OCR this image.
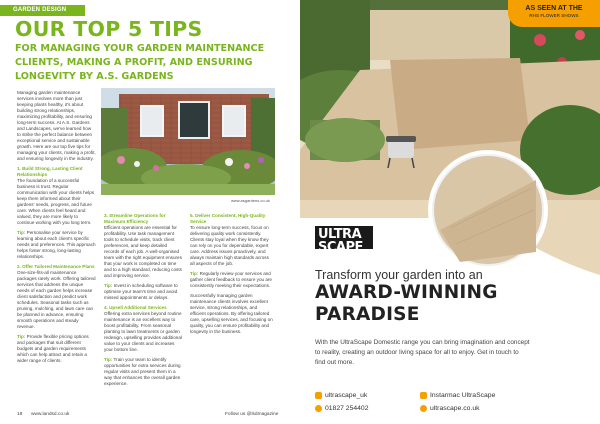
GARDEN DESIGN
OUR TOP 5 TIPS
FOR MANAGING YOUR GARDEN MAINTENANCE CLIENTS, MAKING A PROFIT, AND ENSURING LONGEVITY BY A.S. GARDENS

Managing garden maintenance services involves more than just keeping plants healthy, it's about building strong relationships, maximizing profitability, and ensuring long-term success. At A.S. Gardens and Landscapes, we've learned how to strike the perfect balance between exceptional service and sustainable growth. Here are our top five tips for managing your clients, making a profit, and ensuring longevity in the industry.

1. Build Strong, Lasting Client Relationships
The foundation of a successful business is trust. Regular communication with your clients helps keep them informed about their gardens' needs, progress, and future care. When clients feel heard and valued, they are more likely to continue working with you long term.

Tip: Personalise your service by learning about each client's specific needs and preferences. This approach helps foster strong, long-lasting relationships.

2. Offer Tailored Maintenance Plans
One-size-fits-all maintenance packages rarely work. Offering tailored services that address the unique needs of each garden helps increase client satisfaction and predict work schedules. Seasonal tasks such as pruning, mulching, and lawn care can be planned in advance, ensuring smooth operations and steady revenue.

Tip: Provide flexible pricing options and packages that suit different budgets and garden requirements which can help attract and retain a wider range of clients.

www.asgardens.co.uk

3. Streamline Operations for Maximum Efficiency
Efficient operations are essential for profitability. Use task management tools to schedule visits, track client preferences, and keep detailed records of each job. A well-organised team with the right equipment ensures that your work is completed on time and to a high standard, reducing costs and improving service.

Tip: Invest in scheduling software to optimise your team's time and avoid missed appointments or delays.

4. Upsell Additional Services
Offering extra services beyond routine maintenance is an excellent way to boost profitability. From seasonal planting to lawn treatments or garden redesign, upselling provides additional value to your clients and increases your bottom line.

Tip: Train your team to identify opportunities for extra services during regular visits and present them in a way that enhances the overall garden experience.

5. Deliver Consistent, High-Quality Service
To ensure long-term success, focus on delivering quality work consistently. Clients stay loyal when they know they can rely on you for dependable, expert care. Address issues proactively, and always maintain high standards across all aspects of the job.

Tip: Regularly review your services and gather client feedback to ensure you are consistently meeting their expectations.

Successfully managing garden maintenance clients involves excellent service, strong relationships, and efficient operations. By offering tailored care, upselling services, and focusing on quality, you can ensure profitability and longevity in the business.

18 www.landsd.co.uk	Follow us @lsdmagazine
AS SEEN AT THE
RHS FLOWER SHOWS
ULTRA
SCAPE
Transform your garden into an
AWARD-WINNING
PARADISE
With the UltraScape Domestic range you can bring imagination and concept to reality, creating an outdoor living space for all to enjoy. Get in touch to find out more.
ultrascape_uk	Instarmac UltraScape
01827 254402	ultrascape.co.uk
